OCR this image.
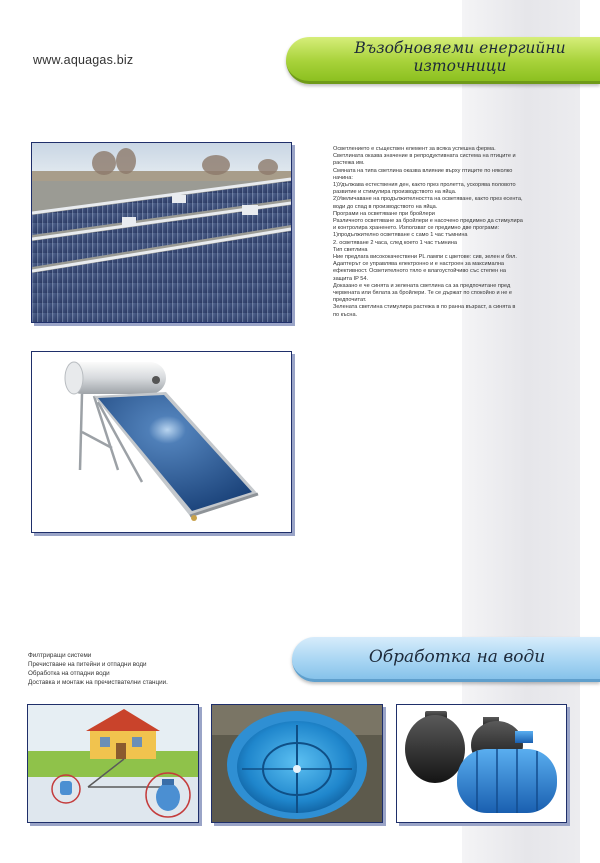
www.aquagas.biz
Възобновяеми енергийни източници

Осветлението е съществен елемент за всяка успешна ферма. Светлината оказва значение в репродуктивната система на птиците и растежа им.

Смяната на типа светлина оказва влияние върху птиците по няколко начина:

1)Удължава естествения ден, както през пролетта, ускорява половото развитие и стимулира производството на яйца.

2)Увеличаване на продължителността на осветяване, както през есента, води до спад в производството на яйца.

Програми на осветяване при бройлери

Различното осветяване за бройлери е насочено предимно да стимулира и контролира храненето. Използват се предимно две програми:

1)продължително осветяване с само 1 час тъмнина

2. осветяване 2 часа, след което 1 час тъмнина

Тип светлина

Ние предлага висококачествени PL лампи с цветове: сив, зелен и бял.

Адаптерът се управлява електронно и е настроен за максимална ефективност. Осветителното тяло е влагоустойчиво със степен на защита IP 54.

Доказано е че синята и зелената светлина са за предпочитане пред червената или бялата за бройлери. Те се държат по спокойно и не е предпочитат.

Зелената светлина стимулира растежа в по ранна възраст, а синята в по късна.

Филтриращи системи
Пречистване на питейни и отпадни води
Обработка на отпадни води
Доставка и монтаж на пречиствателни станции.
Обработка на води
